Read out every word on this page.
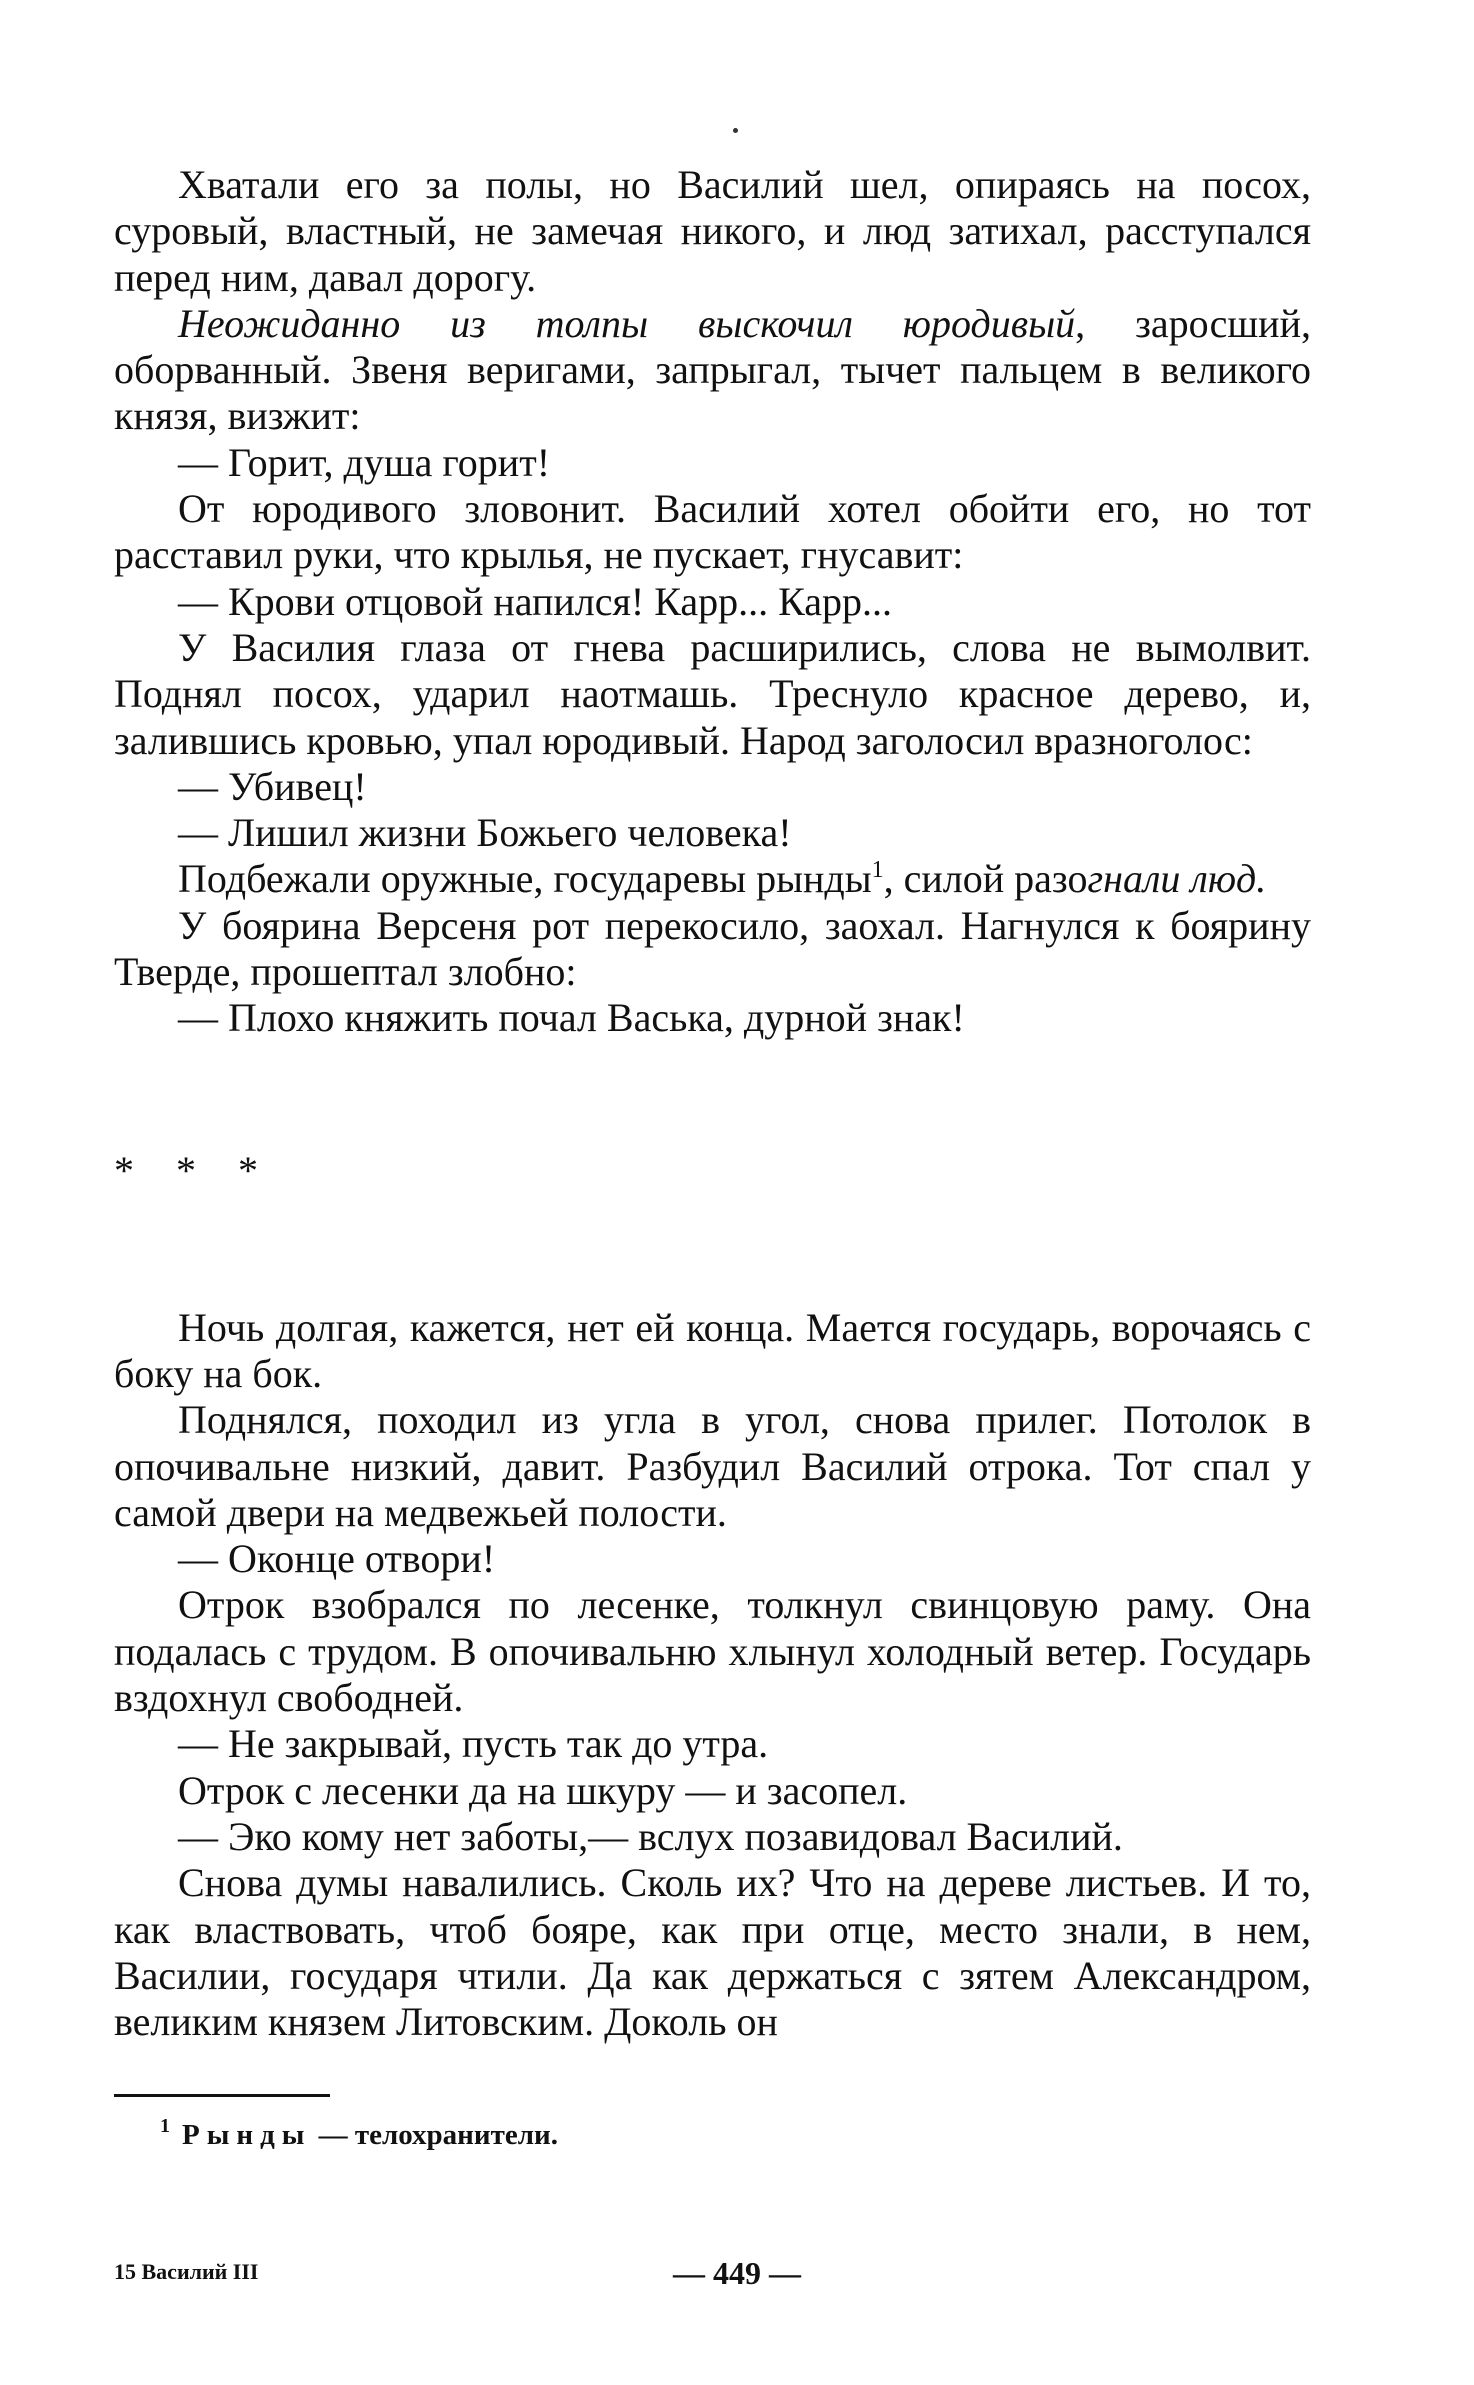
Хватали его за полы, но Василий шел, опираясь на посох, суровый, властный, не замечая никого, и люд затихал, расступался перед ним, давал дорогу.

Неожиданно из толпы выскочил юродивый, заросший, оборванный. Звеня веригами, запрыгал, тычет пальцем в великого князя, визжит:

— Горит, душа горит!

От юродивого зловонит. Василий хотел обойти его, но тот расставил руки, что крылья, не пускает, гнусавит:

— Крови отцовой напился! Карр... Карр...

У Василия глаза от гнева расширились, слова не вымолвит. Поднял посох, ударил наотмашь. Треснуло красное дерево, и, залившись кровью, упал юродивый. Народ заголосил вразноголос:

— Убивец!

— Лишил жизни Божьего человека!

Подбежали оружные, государевы рынды$^1$, силой разогнали люд.

У боярина Версеня рот перекосило, заохал. Нагнулся к боярину Тверде, прошептал злобно:

— Плохо княжить почал Васька, дурной знак!

* * *

Ночь долгая, кажется, нет ей конца. Мается государь, ворочаясь с боку на бок.

Поднялся, походил из угла в угол, снова прилег. Потолок в опочивальне низкий, давит. Разбудил Василий отрока. Тот спал у самой двери на медвежьей полости.

— Оконце отвори!

Отрок взобрался по лесенке, толкнул свинцовую раму. Она подалась с трудом. В опочивальню хлынул холодный ветер. Государь вздохнул свободней.

— Не закрывай, пусть так до утра.

Отрок с лесенки да на шкуру — и засопел.

— Эко кому нет заботы,— вслух позавидовал Василий.

Снова думы навалились. Сколь их? Что на дереве листьев. И то, как властвовать, чтоб бояре, как при отце, место знали, в нем, Василии, государя чтили. Да как держаться с зятем Александром, великим князем Литовским. Доколь он

$^1$ Рынды — телохранители.
— 449 —
15 Василий III
